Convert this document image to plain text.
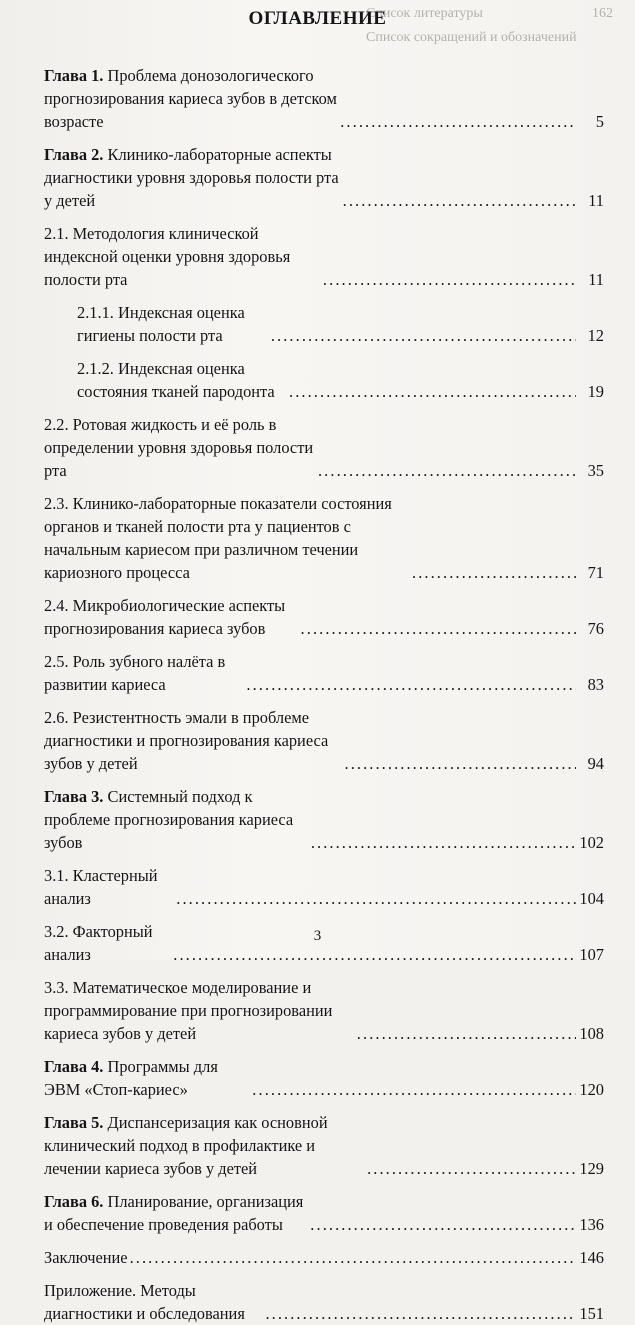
Список литературы	162
Список сокращений и обозначений
ОГЛАВЛЕНИЕ
Глава 1. Проблема донозологического прогнозирования кариеса зубов в детском возрасте . . .	5
Глава 2. Клинико-лабораторные аспекты диагностики уровня здоровья полости рта у детей . . .	11
2.1. Методология клинической индексной оценки уровня здоровья полости рта . . .	11
2.1.1. Индексная оценка гигиены полости рта . . .	12
2.1.2. Индексная оценка состояния тканей пародонта . . .	19
2.2. Ротовая жидкость и её роль в определении уровня здоровья полости рта . . .	35
2.3. Клинико-лабораторные показатели состояния органов и тканей полости рта у пациентов с начальным кариесом при различном течении кариозного процесса . . .	71
2.4. Микробиологические аспекты прогнозирования кариеса зубов . . .	76
2.5. Роль зубного налёта в развитии кариеса . . .	83
2.6. Резистентность эмали в проблеме диагностики и прогнозирования кариеса зубов у детей . . .	94
Глава 3. Системный подход к проблеме прогнозирования кариеса зубов . . .	102
3.1. Кластерный анализ . . .	104
3.2. Факторный анализ . . .	107
3.3. Математическое моделирование и программирование при прогнозировании кариеса зубов у детей . . .	108
Глава 4. Программы для ЭВМ «Стоп-кариес» . . .	120
Глава 5. Диспансеризация как основной клинический подход в профилактике и лечении кариеса зубов у детей . . .	129
Глава 6. Планирование, организация и обеспечение проведения работы . . .	136
Заключение . . .	146
Приложение. Методы диагностики и обследования . . .	151
3
